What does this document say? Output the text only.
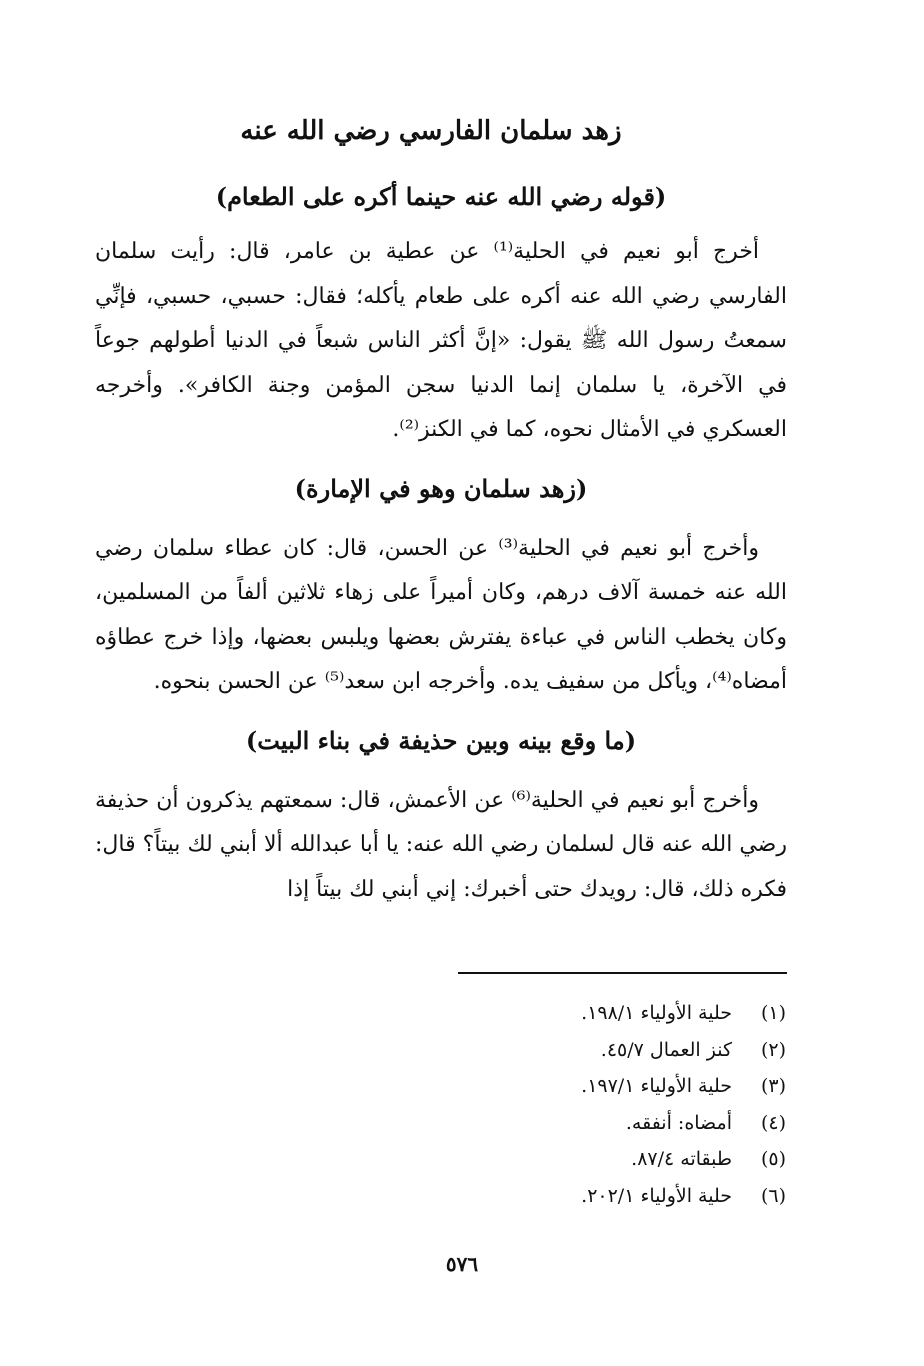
زهد سلمان الفارسي رضي الله عنه
(قوله رضي الله عنه حينما أكره على الطعام)

أخرج أبو نعيم في الحلية⁽¹⁾ عن عطية بن عامر، قال: رأيت سلمان الفارسي رضي الله عنه أكره على طعام يأكله؛ فقال: حسبي، حسبي، فإنِّي سمعتُ رسول الله ﷺ يقول: «إنَّ أكثر الناس شبعاً في الدنيا أطولهم جوعاً في الآخرة، يا سلمان إنما الدنيا سجن المؤمن وجنة الكافر». وأخرجه العسكري في الأمثال نحوه، كما في الكنز⁽²⁾.

(زهد سلمان وهو في الإمارة)

وأخرج أبو نعيم في الحلية⁽³⁾ عن الحسن، قال: كان عطاء سلمان رضي الله عنه خمسة آلاف درهم، وكان أميراً على زهاء ثلاثين ألفاً من المسلمين، وكان يخطب الناس في عباءة يفترش بعضها ويلبس بعضها، وإذا خرج عطاؤه أمضاه⁽⁴⁾، ويأكل من سفيف يده. وأخرجه ابن سعد⁽⁵⁾ عن الحسن بنحوه.

(ما وقع بينه وبين حذيفة في بناء البيت)

وأخرج أبو نعيم في الحلية⁽⁶⁾ عن الأعمش، قال: سمعتهم يذكرون أن حذيفة رضي الله عنه قال لسلمان رضي الله عنه: يا أبا عبدالله ألا أبني لك بيتاً؟ قال: فكره ذلك، قال: رويدك حتى أخبرك: إني أبني لك بيتاً إذا

(١)
حلية الأولياء ١٩٨/١.
(٢)
كنز العمال ٤٥/٧.
(٣)
حلية الأولياء ١٩٧/١.
(٤)
أمضاه: أنفقه.
(٥)
طبقاته ٨٧/٤.
(٦)
حلية الأولياء ٢٠٢/١.
٥٧٦
